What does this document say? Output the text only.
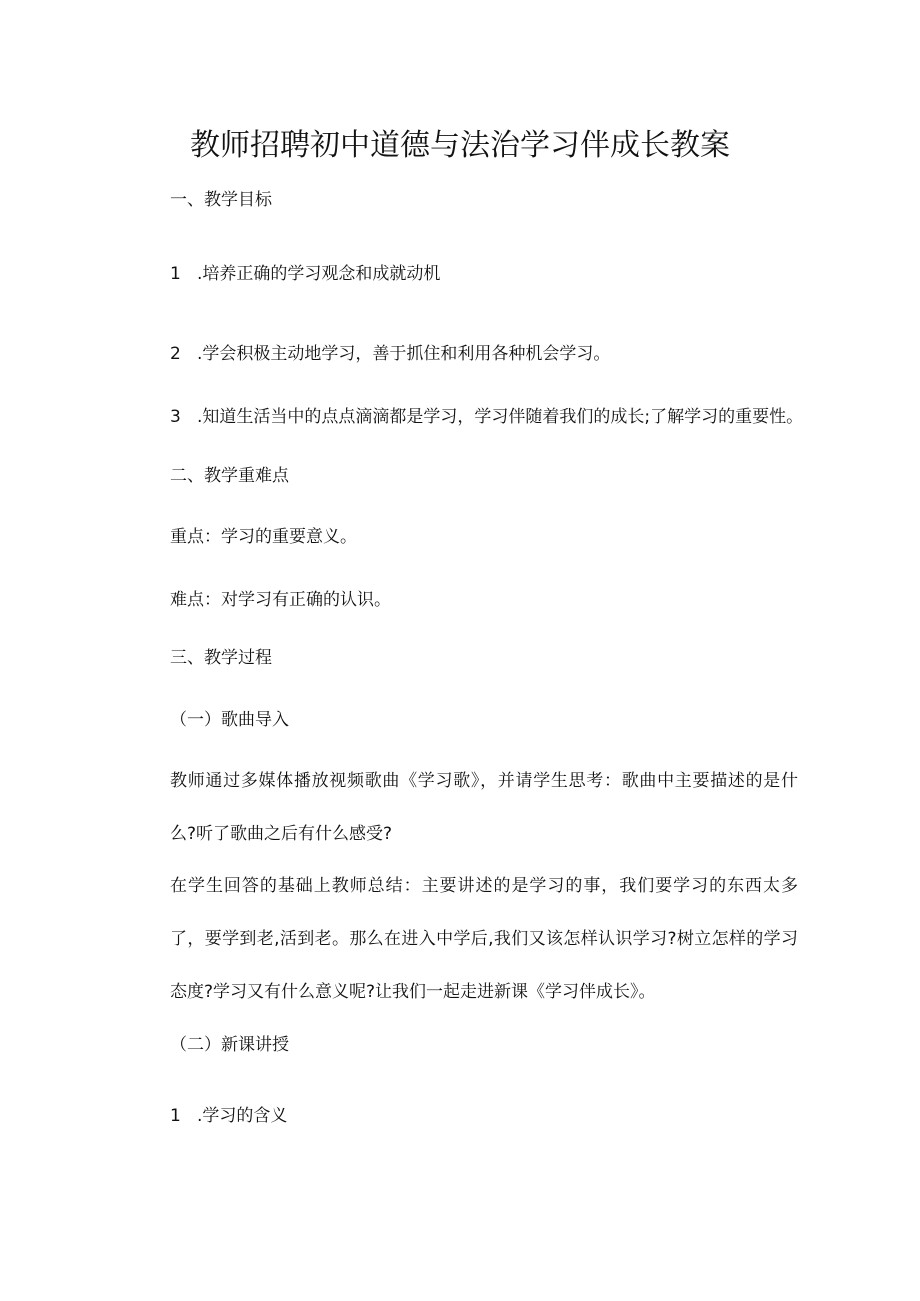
教师招聘初中道德与法治学习伴成长教案

一、教学目标

1 .培养正确的学习观念和成就动机

2 .学会积极主动地学习，善于抓住和利用各种机会学习。

3 .知道生活当中的点点滴滴都是学习，学习伴随着我们的成长;了解学习的重要性。

二、教学重难点

重点：学习的重要意义。

难点：对学习有正确的认识。

三、教学过程

（一）歌曲导入

教师通过多媒体播放视频歌曲《学习歌》，并请学生思考：歌曲中主要描述的是什么?听了歌曲之后有什么感受?

在学生回答的基础上教师总结：主要讲述的是学习的事，我们要学习的东西太多了，要学到老,活到老。那么在进入中学后,我们又该怎样认识学习?树立怎样的学习态度?学习又有什么意义呢?让我们一起走进新课《学习伴成长》。

（二）新课讲授

1 .学习的含义
